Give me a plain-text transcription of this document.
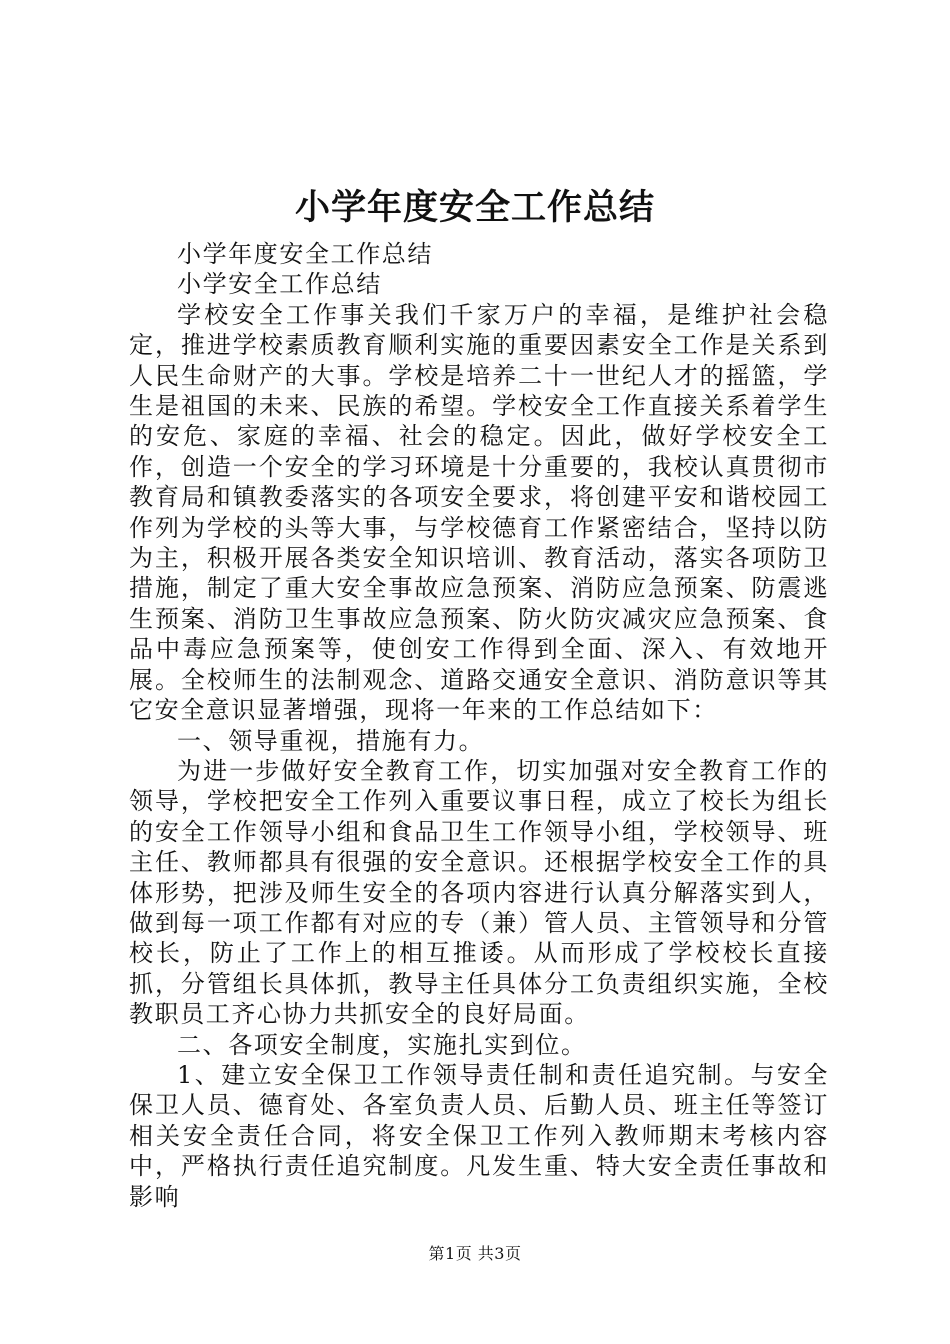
小学年度安全工作总结

小学年度安全工作总结

小学安全工作总结

学校安全工作事关我们千家万户的幸福，是维护社会稳定，推进学校素质教育顺利实施的重要因素安全工作是关系到人民生命财产的大事。学校是培养二十一世纪人才的摇篮，学生是祖国的未来、民族的希望。学校安全工作直接关系着学生的安危、家庭的幸福、社会的稳定。因此，做好学校安全工作，创造一个安全的学习环境是十分重要的，我校认真贯彻市教育局和镇教委落实的各项安全要求，将创建平安和谐校园工作列为学校的头等大事，与学校德育工作紧密结合，坚持以防为主，积极开展各类安全知识培训、教育活动，落实各项防卫措施，制定了重大安全事故应急预案、消防应急预案、防震逃生预案、消防卫生事故应急预案、防火防灾减灾应急预案、食品中毒应急预案等，使创安工作得到全面、深入、有效地开展。全校师生的法制观念、道路交通安全意识、消防意识等其它安全意识显著增强，现将一年来的工作总结如下：

一、领导重视，措施有力。

为进一步做好安全教育工作，切实加强对安全教育工作的领导，学校把安全工作列入重要议事日程，成立了校长为组长的安全工作领导小组和食品卫生工作领导小组，学校领导、班主任、教师都具有很强的安全意识。还根据学校安全工作的具体形势，把涉及师生安全的各项内容进行认真分解落实到人，做到每一项工作都有对应的专（兼）管人员、主管领导和分管校长，防止了工作上的相互推诿。从而形成了学校校长直接抓，分管组长具体抓，教导主任具体分工负责组织实施，全校教职员工齐心协力共抓安全的良好局面。

二、各项安全制度，实施扎实到位。

1、建立安全保卫工作领导责任制和责任追究制。与安全保卫人员、德育处、各室负责人员、后勤人员、班主任等签订相关安全责任合同，将安全保卫工作列入教师期末考核内容中，严格执行责任追究制度。凡发生重、特大安全责任事故和影响

第1页 共3页
